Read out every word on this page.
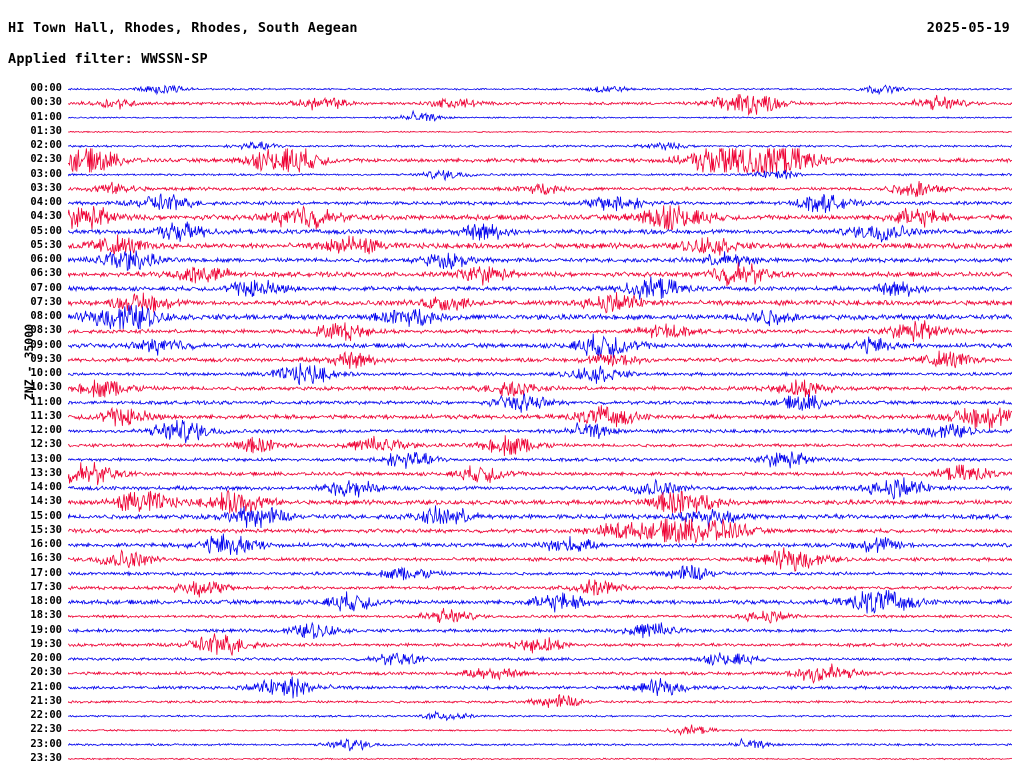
HI Town Hall, Rhodes, Rhodes, South Aegean	2025-05-19
Applied filter: WWSSN-SP
ZNZ - 35000
00:00
00:30
01:00
01:30
02:00
02:30
03:00
03:30
04:00
04:30
05:00
05:30
06:00
06:30
07:00
07:30
08:00
08:30
09:00
09:30
10:00
10:30
11:00
11:30
12:00
12:30
13:00
13:30
14:00
14:30
15:00
15:30
16:00
16:30
17:00
17:30
18:00
18:30
19:00
19:30
20:00
20:30
21:00
21:30
22:00
22:30
23:00
23:30
